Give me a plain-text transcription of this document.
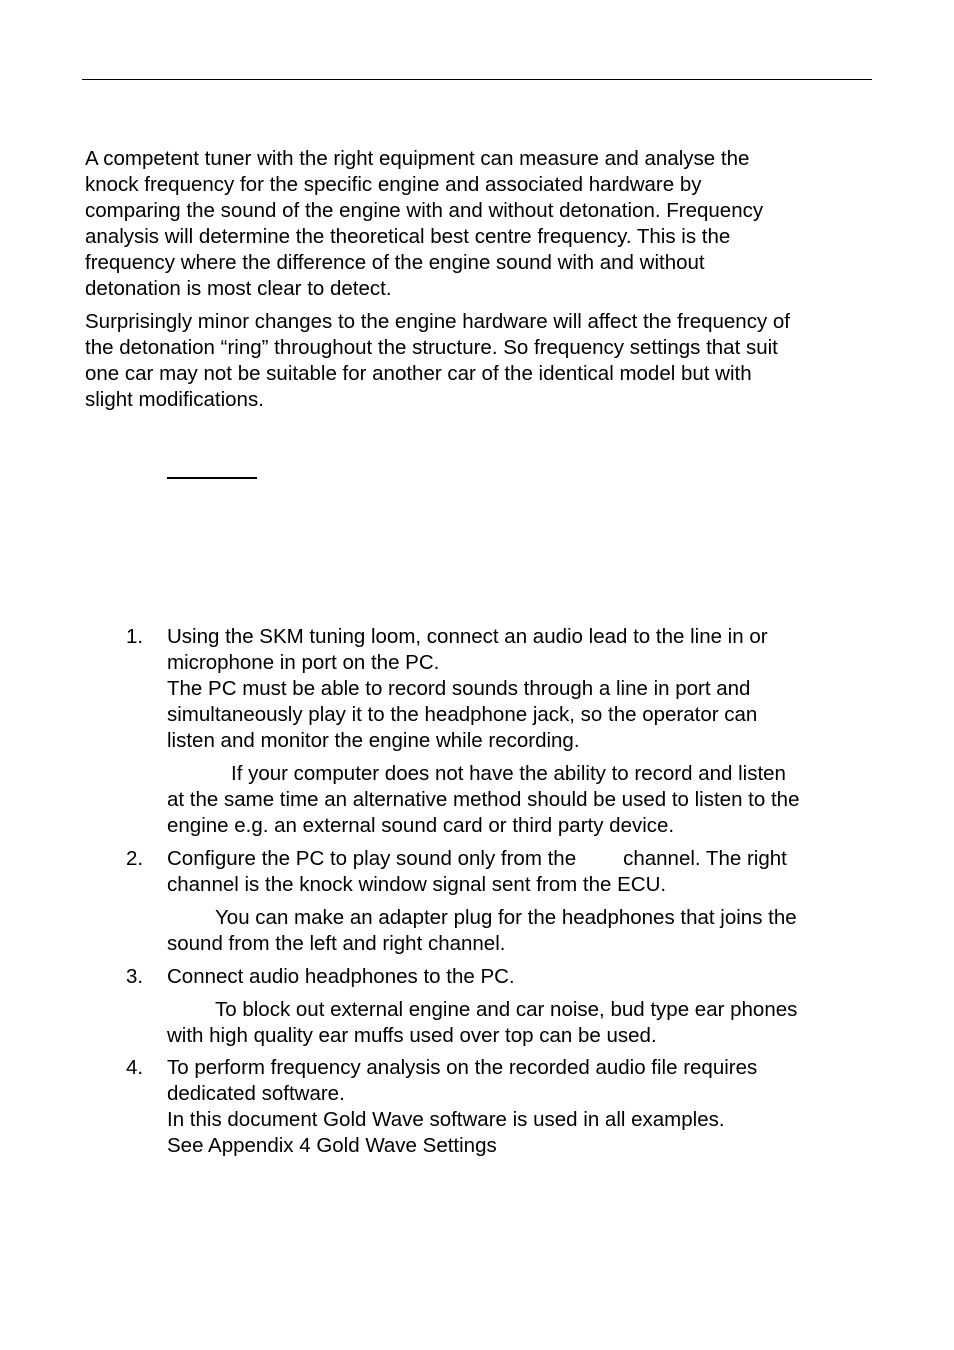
A competent tuner with the right equipment can measure and analyse the
knock frequency for the specific engine and associated hardware by
comparing the sound of the engine with and without detonation. Frequency
analysis will determine the theoretical best centre frequency. This is the
frequency where the difference of the engine sound with and without
detonation is most clear to detect.

Surprisingly minor changes to the engine hardware will affect the frequency of
the detonation “ring” throughout the structure. So frequency settings that suit
one car may not be suitable for another car of the identical model but with
slight modifications.

1. Using the SKM tuning loom, connect an audio lead to the line in or
microphone in port on the PC.
The PC must be able to record sounds through a line in port and
simultaneously play it to the headphone jack, so the operator can
listen and monitor the engine while recording.
If your computer does not have the ability to record and listen
at the same time an alternative method should be used to listen to the
engine e.g. an external sound card or third party device.
2. Configure the PC to play sound only from the channel. The right
channel is the knock window signal sent from the ECU.
You can make an adapter plug for the headphones that joins the
sound from the left and right channel.
3. Connect audio headphones to the PC.
To block out external engine and car noise, bud type ear phones
with high quality ear muffs used over top can be used.
4. To perform frequency analysis on the recorded audio file requires
dedicated software.
In this document Gold Wave software is used in all examples.
See Appendix 4 Gold Wave Settings
